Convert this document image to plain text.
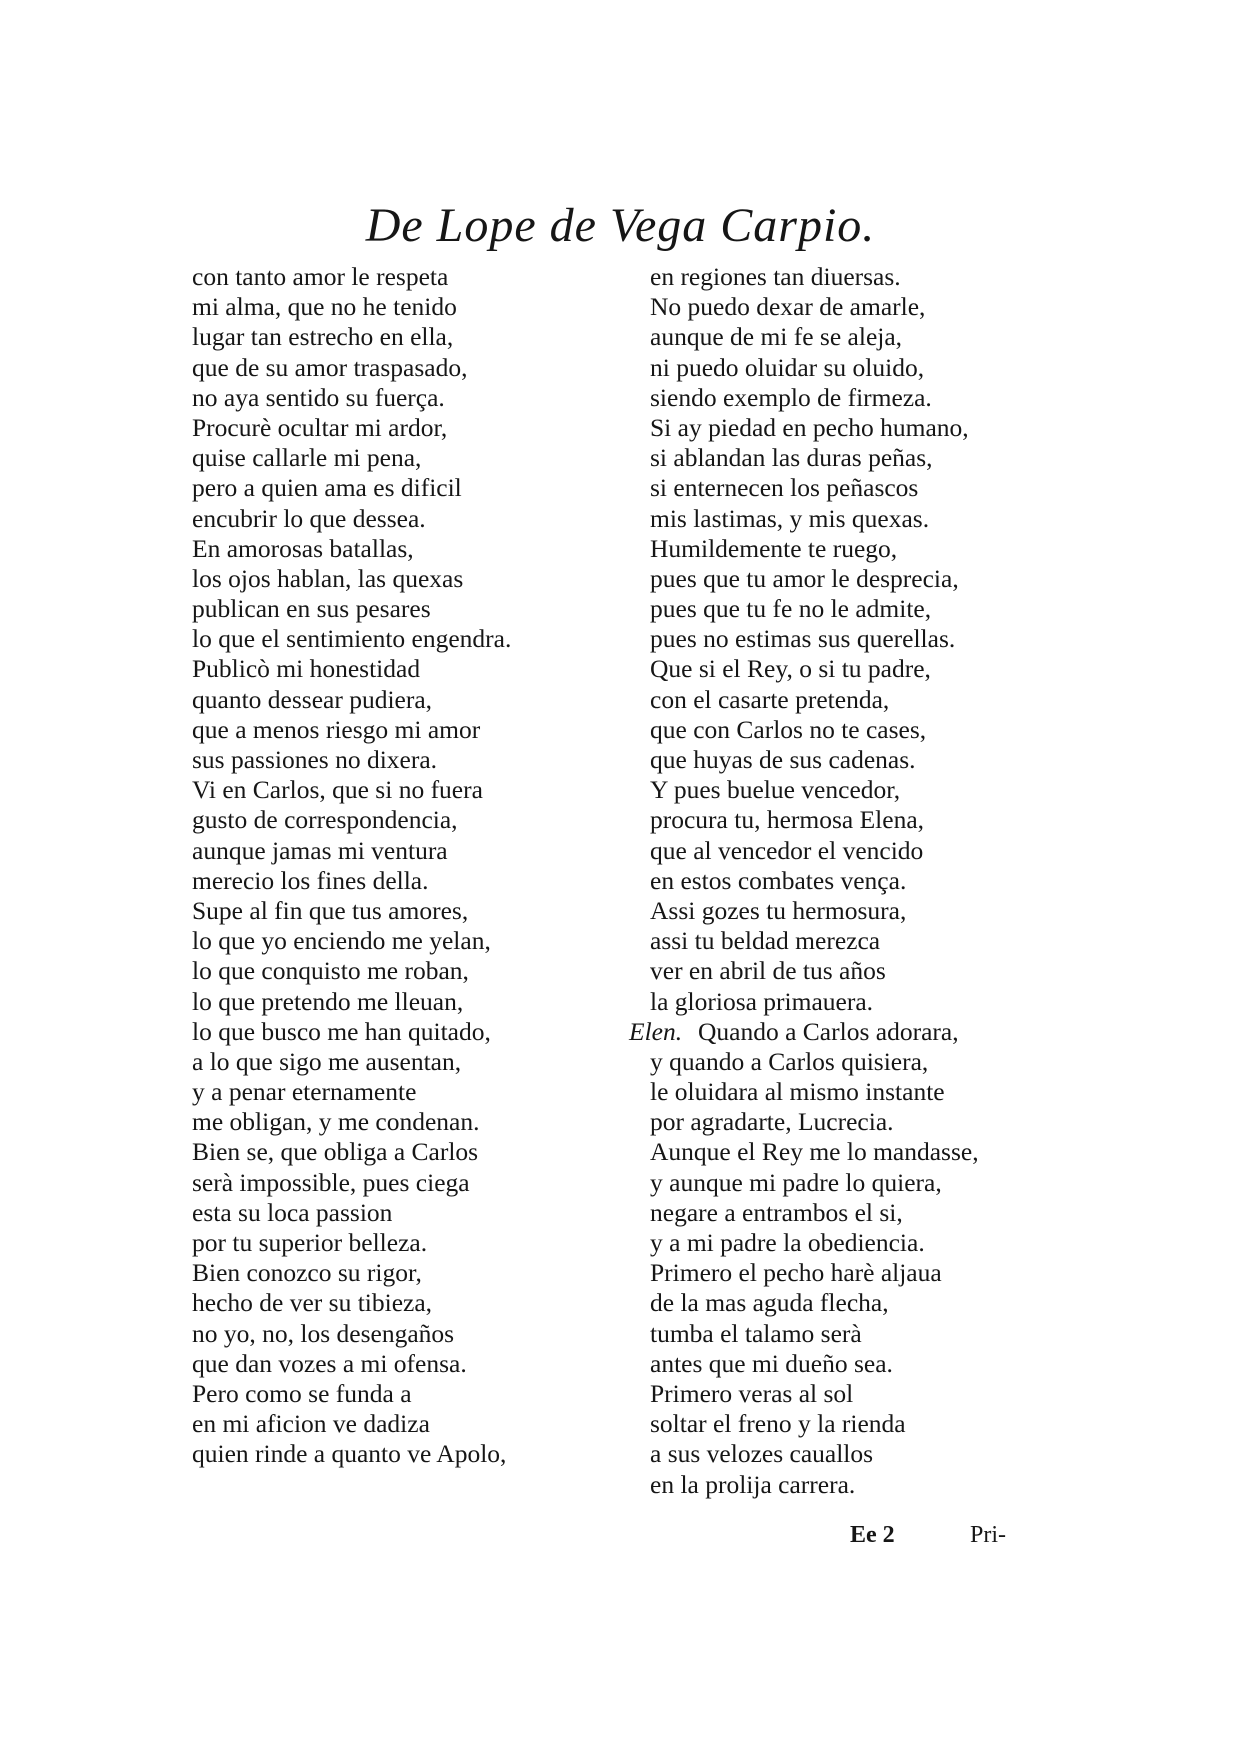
De Lope de Vega Carpio.
con tanto amor le respeta
mi alma, que no he tenido
lugar tan estrecho en ella,
que de su amor traspasado,
no aya sentido su fuerça.
Procurè ocultar mi ardor,
quise callarle mi pena,
pero a quien ama es dificil
encubrir lo que dessea.
En amorosas batallas,
los ojos hablan, las quexas
publican en sus pesares
lo que el sentimiento engendra.
Publicò mi honestidad
quanto dessear pudiera,
que a menos riesgo mi amor
sus passiones no dixera.
Vi en Carlos, que si no fuera
gusto de correspondencia,
aunque jamas mi ventura
merecio los fines della.
Supe al fin que tus amores,
lo que yo enciendo me yelan,
lo que conquisto me roban,
lo que pretendo me lleuan,
lo que busco me han quitado,
a lo que sigo me ausentan,
y a penar eternamente
me obligan, y me condenan.
Bien se, que obliga a Carlos
serà impossible, pues ciega
esta su loca passion
por tu superior belleza.
Bien conozco su rigor,
hecho de ver su tibieza,
no yo, no, los desengaños
que dan vozes a mi ofensa.
Pero como se funda a
en mi aficion ve dadiza
quien rinde a quanto ve Apolo,
en regiones tan diuersas.
No puedo dexar de amarle,
aunque de mi fe se aleja,
ni puedo oluidar su oluido,
siendo exemplo de firmeza.
Si ay piedad en pecho humano,
si ablandan las duras peñas,
si enternecen los peñascos
mis lastimas, y mis quexas.
Humildemente te ruego,
pues que tu amor le desprecia,
pues que tu fe no le admite,
pues no estimas sus querellas.
Que si el Rey, o si tu padre,
con el casarte pretenda,
que con Carlos no te cases,
que huyas de sus cadenas.
Y pues buelue vencedor,
procura tu, hermosa Elena,
que al vencedor el vencido
en estos combates vença.
Assi gozes tu hermosura,
assi tu beldad merezca
ver en abril de tus años
la gloriosa primauera.
Elen. Quando a Carlos adorara,
y quando a Carlos quisiera,
le oluidara al mismo instante
por agradarte, Lucrecia.
Aunque el Rey me lo mandasse,
y aunque mi padre lo quiera,
negare a entrambos el si,
y a mi padre la obediencia.
Primero el pecho harè aljaua
de la mas aguda flecha,
tumba el talamo serà
antes que mi dueño sea.
Primero veras al sol
soltar el freno y la rienda
a sus velozes cauallos
en la prolija carrera.
Ee 2	Pri-
